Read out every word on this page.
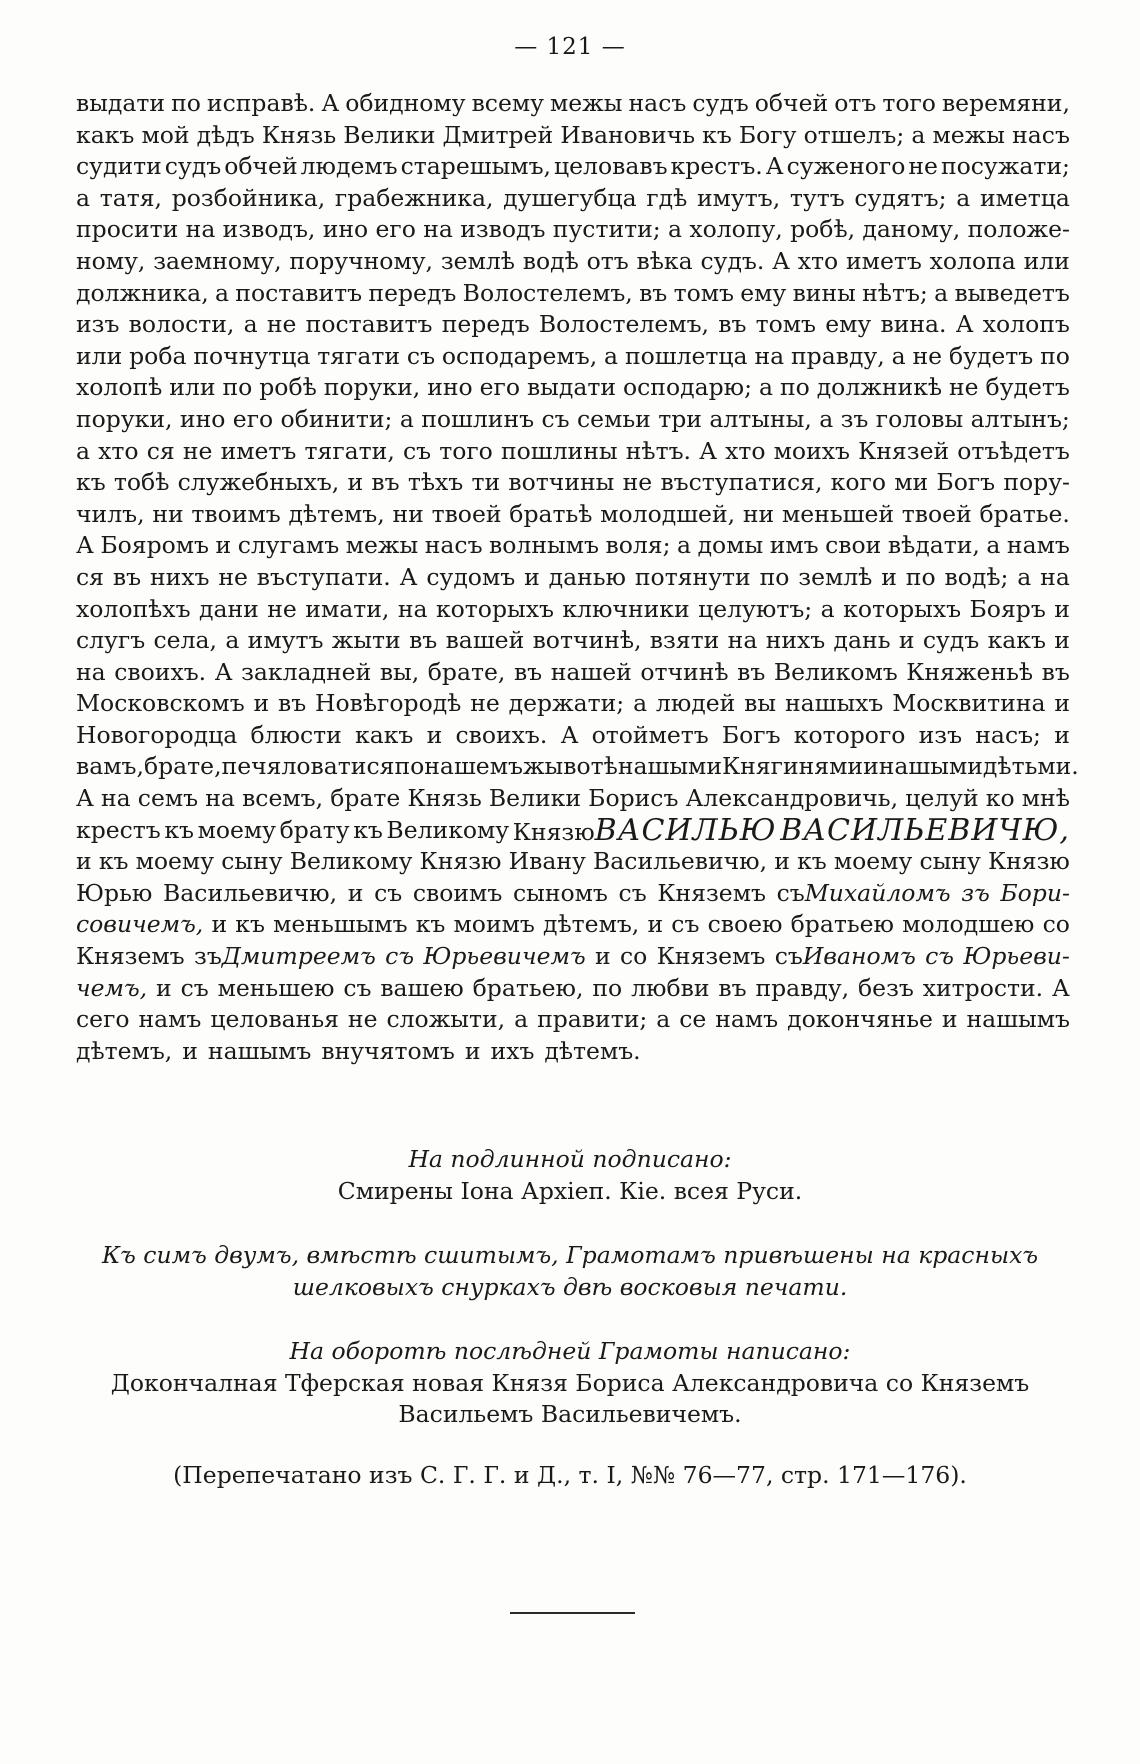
— 121 —
выдати по исправѣ. А обидному всему межы насъ судъ обчей отъ того веремяни,
какъ мой дѣдъ Князь Велики Дмитрей Ивановичь къ Богу отшелъ; а межы насъ
судити судъ обчей людемъ старешымъ, целовавъ крестъ. А суженого не посужати;
а татя, розбойника, грабежника, душегубца гдѣ имутъ, тутъ судятъ; а иметца
просити на изводъ, ино его на изводъ пустити; а холопу, робѣ, даному, положе-
ному, заемному, поручному, землѣ водѣ отъ вѣка судъ. А хто иметъ холопа или
должника, а поставитъ передъ Волостелемъ, въ томъ ему вины нѣтъ; а выведетъ
изъ волости, а не поставитъ передъ Волостелемъ, въ томъ ему вина. А холопъ
или роба почнутца тягати съ осподаремъ, а пошлетца на правду, а не будетъ по
холопѣ или по робѣ поруки, ино его выдати осподарю; а по должникѣ не будетъ
поруки, ино его обинити; а пошлинъ съ семьи три алтыны, а зъ головы алтынъ;
а хто ся не иметъ тягати, съ того пошлины нѣтъ. А хто моихъ Князей отъѣдетъ
къ тобѣ служебныхъ, и въ тѣхъ ти вотчины не въступатися, кого ми Богъ пору-
чилъ, ни твоимъ дѣтемъ, ни твоей братьѣ молодшей, ни меньшей твоей братье.
А Бояромъ и слугамъ межы насъ волнымъ воля; а домы имъ свои вѣдати, а намъ
ся въ нихъ не въступати. А судомъ и данью потянути по землѣ и по водѣ; а на
холопѣхъ дани не имати, на которыхъ ключники целуютъ; а которыхъ Бояръ и
слугъ села, а имутъ жыти въ вашей вотчинѣ, взяти на нихъ дань и судъ какъ и
на своихъ. А закладней вы, брате, въ нашей отчинѣ въ Великомъ Княженьѣ въ
Московскомъ и въ Новѣгородѣ не держати; а людей вы нашыхъ Москвитина и
Новогородца блюсти какъ и своихъ. А отойметъ Богъ которого изъ насъ; и
вамъ, брате, печяловатися по нашемъ жывотѣ нашыми Княгинями и нашыми дѣтьми.
А на семъ на всемъ, брате Князь Велики Борисъ Александровичь, целуй ко мнѣ
крестъ къ моему брату къ Великому КнязюВАСИЛЬЮ ВАСИЛЬЕВИЧЮ,
и къ моему сыну Великому Князю Ивану Васильевичю, и къ моему сыну Князю
Юрью Васильевичю, и съ своимъ сыномъ съ Княземъ съМихайломъ зъ Бори-
совичемъ, и къ меньшымъ къ моимъ дѣтемъ, и съ своею братьею молодшею со
Княземъ зъДмитреемъ съ Юрьевичемъ и со Княземъ съИваномъ съ Юрьеви-
чемъ, и съ меньшею съ вашею братьею, по любви въ правду, безъ хитрости. А
сего намъ целованья не сложыти, а правити; а се намъ докончянье и нашымъ
дѣтемъ, и нашымъ внучятомъ и ихъ дѣтемъ.
На подлинной подписано:
Смирены Іона Архіеп. Кіе. всея Руси.
Къ симъ двумъ, вмѣстѣ сшитымъ, Грамотамъ привѣшены на красныхъ
шелковыхъ снуркахъ двѣ восковыя печати.
На оборотѣ послѣдней Грамоты написано:
Докончалная Тферская новая Князя Бориса Александровича со Княземъ
Васильемъ Васильевичемъ.
(Перепечатано изъ С. Г. Г. и Д., т. I, №№ 76—77, стр. 171—176).
